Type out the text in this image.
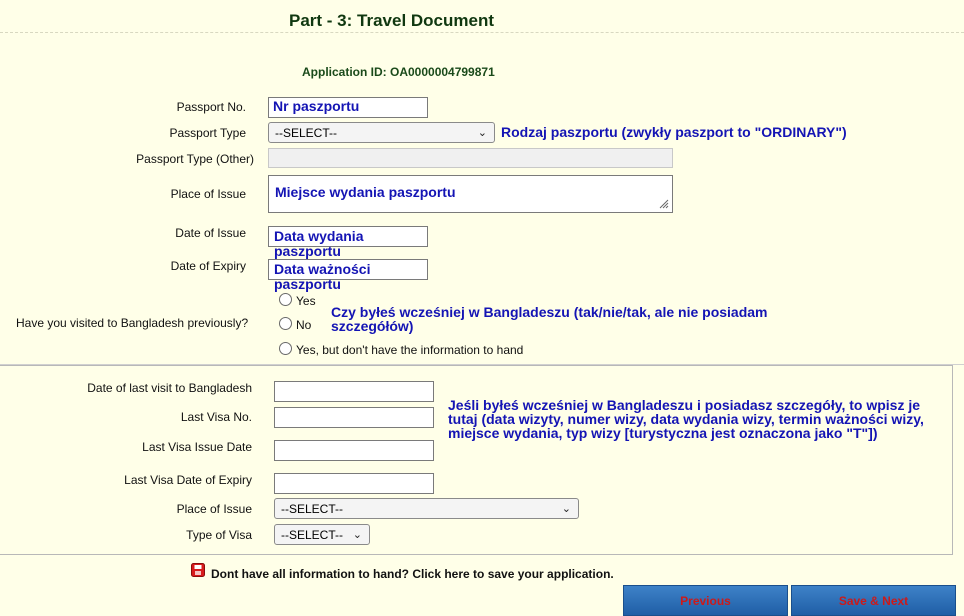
Part - 3: Travel Document
Application ID: OA0000004799871
Passport No.	Nr paszportu
Passport Type --SELECT--	⌄ Rodzaj paszportu (zwykły paszport to "ORDINARY")
Passport Type (Other)
Place of Issue	Miejsce wydania paszportu
Date of Issue	Data wydania paszportu
Date of Expiry	Data ważności paszportu
Have you visited to Bangladesh previously?
Yes
No
Yes, but don't have the information to hand
Czy byłeś wcześniej w Bangladeszu (tak/nie/tak, ale nie posiadam
szczegółów)
Date of last visit to Bangladesh
Last Visa No.
Last Visa Issue Date
Last Visa Date of Expiry
Place of Issue --SELECT--	⌄
Type of Visa --SELECT-- ⌄
Jeśli byłeś wcześniej w Bangladeszu i posiadasz szczegóły, to wpisz je
tutaj (data wizyty, numer wizy, data wydania wizy, termin ważności wizy,
miejsce wydania, typ wizy [turystyczna jest oznaczona jako "T"])
Dont have all information to hand? Click here to save your application.
Previous	Save & Next
